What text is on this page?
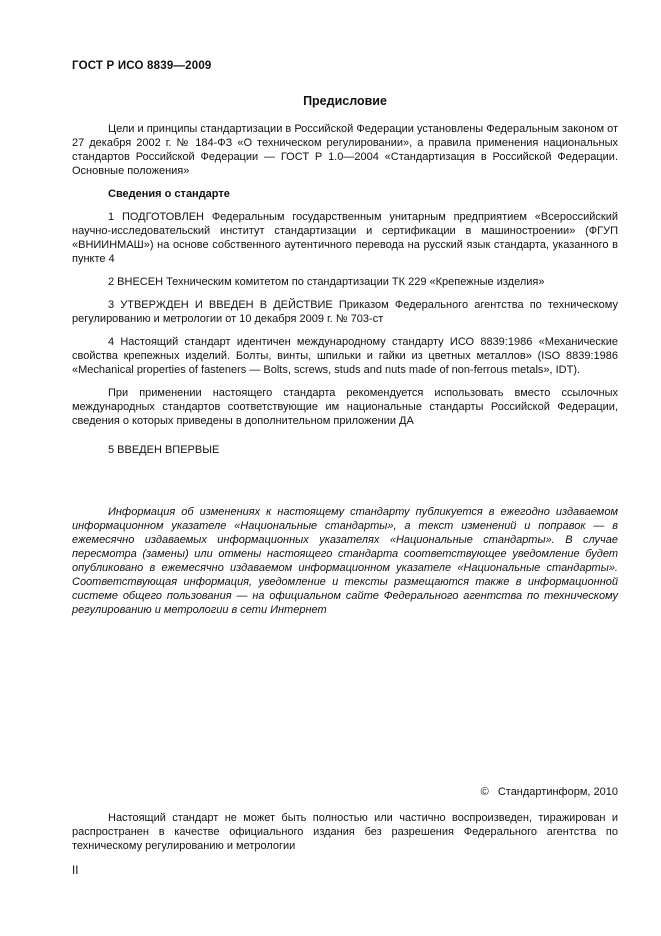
ГОСТ Р ИСО 8839—2009
Предисловие

Цели и принципы стандартизации в Российской Федерации установлены Федеральным законом от 27 декабря 2002 г. № 184-ФЗ «О техническом регулировании», а правила применения национальных стандартов Российской Федерации — ГОСТ Р 1.0—2004 «Стандартизация в Российской Федерации. Основные положения»

Сведения о стандарте

1 ПОДГОТОВЛЕН Федеральным государственным унитарным предприятием «Всероссийский научно-исследовательский институт стандартизации и сертификации в машиностроении» (ФГУП «ВНИИНМАШ») на основе собственного аутентичного перевода на русский язык стандарта, указанного в пункте 4

2 ВНЕСЕН Техническим комитетом по стандартизации ТК 229 «Крепежные изделия»

3 УТВЕРЖДЕН И ВВЕДЕН В ДЕЙСТВИЕ Приказом Федерального агентства по техническому регулированию и метрологии от 10 декабря 2009 г. № 703-ст

4 Настоящий стандарт идентичен международному стандарту ИСО 8839:1986 «Механические свойства крепежных изделий. Болты, винты, шпильки и гайки из цветных металлов» (ISO 8839:1986 «Mechanical properties of fasteners — Bolts, screws, studs and nuts made of non-ferrous metals», IDT).

При применении настоящего стандарта рекомендуется использовать вместо ссылочных международных стандартов соответствующие им национальные стандарты Российской Федерации, сведения о которых приведены в дополнительном приложении ДА

5 ВВЕДЕН ВПЕРВЫЕ

Информация об изменениях к настоящему стандарту публикуется в ежегодно издаваемом информационном указателе «Национальные стандарты», а текст изменений и поправок — в ежемесячно издаваемых информационных указателях «Национальные стандарты». В случае пересмотра (замены) или отмены настоящего стандарта соответствующее уведомление будет опубликовано в ежемесячно издаваемом информационном указателе «Национальные стандарты». Соответствующая информация, уведомление и тексты размещаются также в информационной системе общего пользования — на официальном сайте Федерального агентства по техническому регулированию и метрологии в сети Интернет

©   Стандартинформ, 2010

Настоящий стандарт не может быть полностью или частично воспроизведен, тиражирован и распространен в качестве официального издания без разрешения Федерального агентства по техническому регулированию и метрологии

II
